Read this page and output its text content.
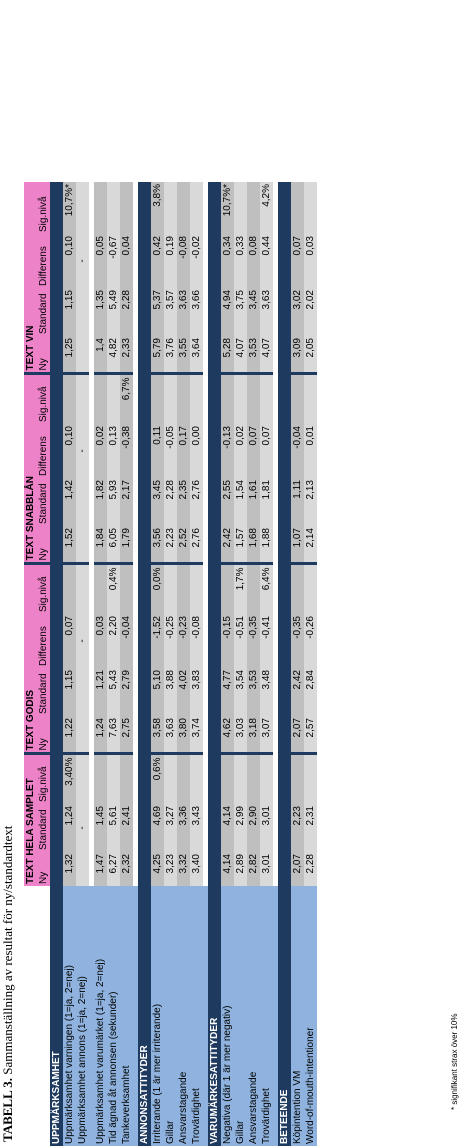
TABELL 3. Sammanställning av resultat för ny/standardtext
	TEXT HELA SAMPLET			TEXT GODIS				TEXT SNABBLÅN				TEXT VIN			
	Ny	Standard	Sig.nivå	Ny	Standard	Differens	Sig.nivå	Ny	Standard	Differens	Sig.nivå	Ny	Standard	Differens	Sig.nivå
UPPMÄRKSAMHET															
Uppmärksamhet varningen (1=ja, 2=nej)	1,32	1,24	3,40%	1,22	1,15	0,07		1,52	1,42	0,10		1,25	1,15	0,10	10,7%*
Uppmärksamhet annons (1=ja, 2=nej)		-				-				-				-	

Uppmärksamhet varumärket (1=ja, 2=nej)	1,47	1,45		1,24	1,21	0,03		1,84	1,82	0,02		1,4	1,35	0,05	
Tid ägnad åt annonsen (sekunder)	6,27	5,61		7,63	5,43	2,20	0,4%	6,05	5,93	0,13		4,82	5,49	-0,67	
Tankeverksamhet	2,32	2,41		2,75	2,79	-0,04		1,79	2,17	-0,38	6,7%	2,33	2,28	0,04	

ANNONSATTITYDER															
Irriterande (1 är mer irriterande)	4,25	4,69	0,6%	3,58	5,10	-1,52	0,0%	3,56	3,45	0,11		5,79	5,37	0,42	3,8%
Gillar	3,23	3,27		3,63	3,88	-0,25		2,23	2,28	-0,05		3,76	3,57	0,19	
Ansvarstagande	3,32	3,36		3,80	4,02	-0,23		2,52	2,35	0,17		3,55	3,63	-0,08	
Trovärdighet	3,40	3,43		3,74	3,83	-0,08		2,76	2,76	0,00		3,64	3,66	-0,02	

VARUMÄRKESATTITYDER															
Negativa (där 1 är mer negativ)	4,14	4,14		4,62	4,77	-0,15		2,42	2,55	-0,13		5,28	4,94	0,34	10,7%*
Gillar	2,89	2,99		3,03	3,54	-0,51	1,7%	1,57	1,54	0,02		4,07	3,75	0,33	
Ansvarstagande	2,82	2,90		3,18	3,53	-0,35		1,68	1,61	0,07		3,53	3,45	0,08	
Trovärdighet	3,01	3,01		3,07	3,48	-0,41	6,4%	1,88	1,81	0,07		4,07	3,63	0,44	4,2%

BETEENDE															
Köpintention VM	2,07	2,23		2,07	2,42	-0,35		1,07	1,11	-0,04		3,09	3,02	0,07	
Word-of-mouth-intentioner	2,28	2,31		2,57	2,84	-0,26		2,14	2,13	0,01		2,05	2,02	0,03	
* signifikant strax över 10%
